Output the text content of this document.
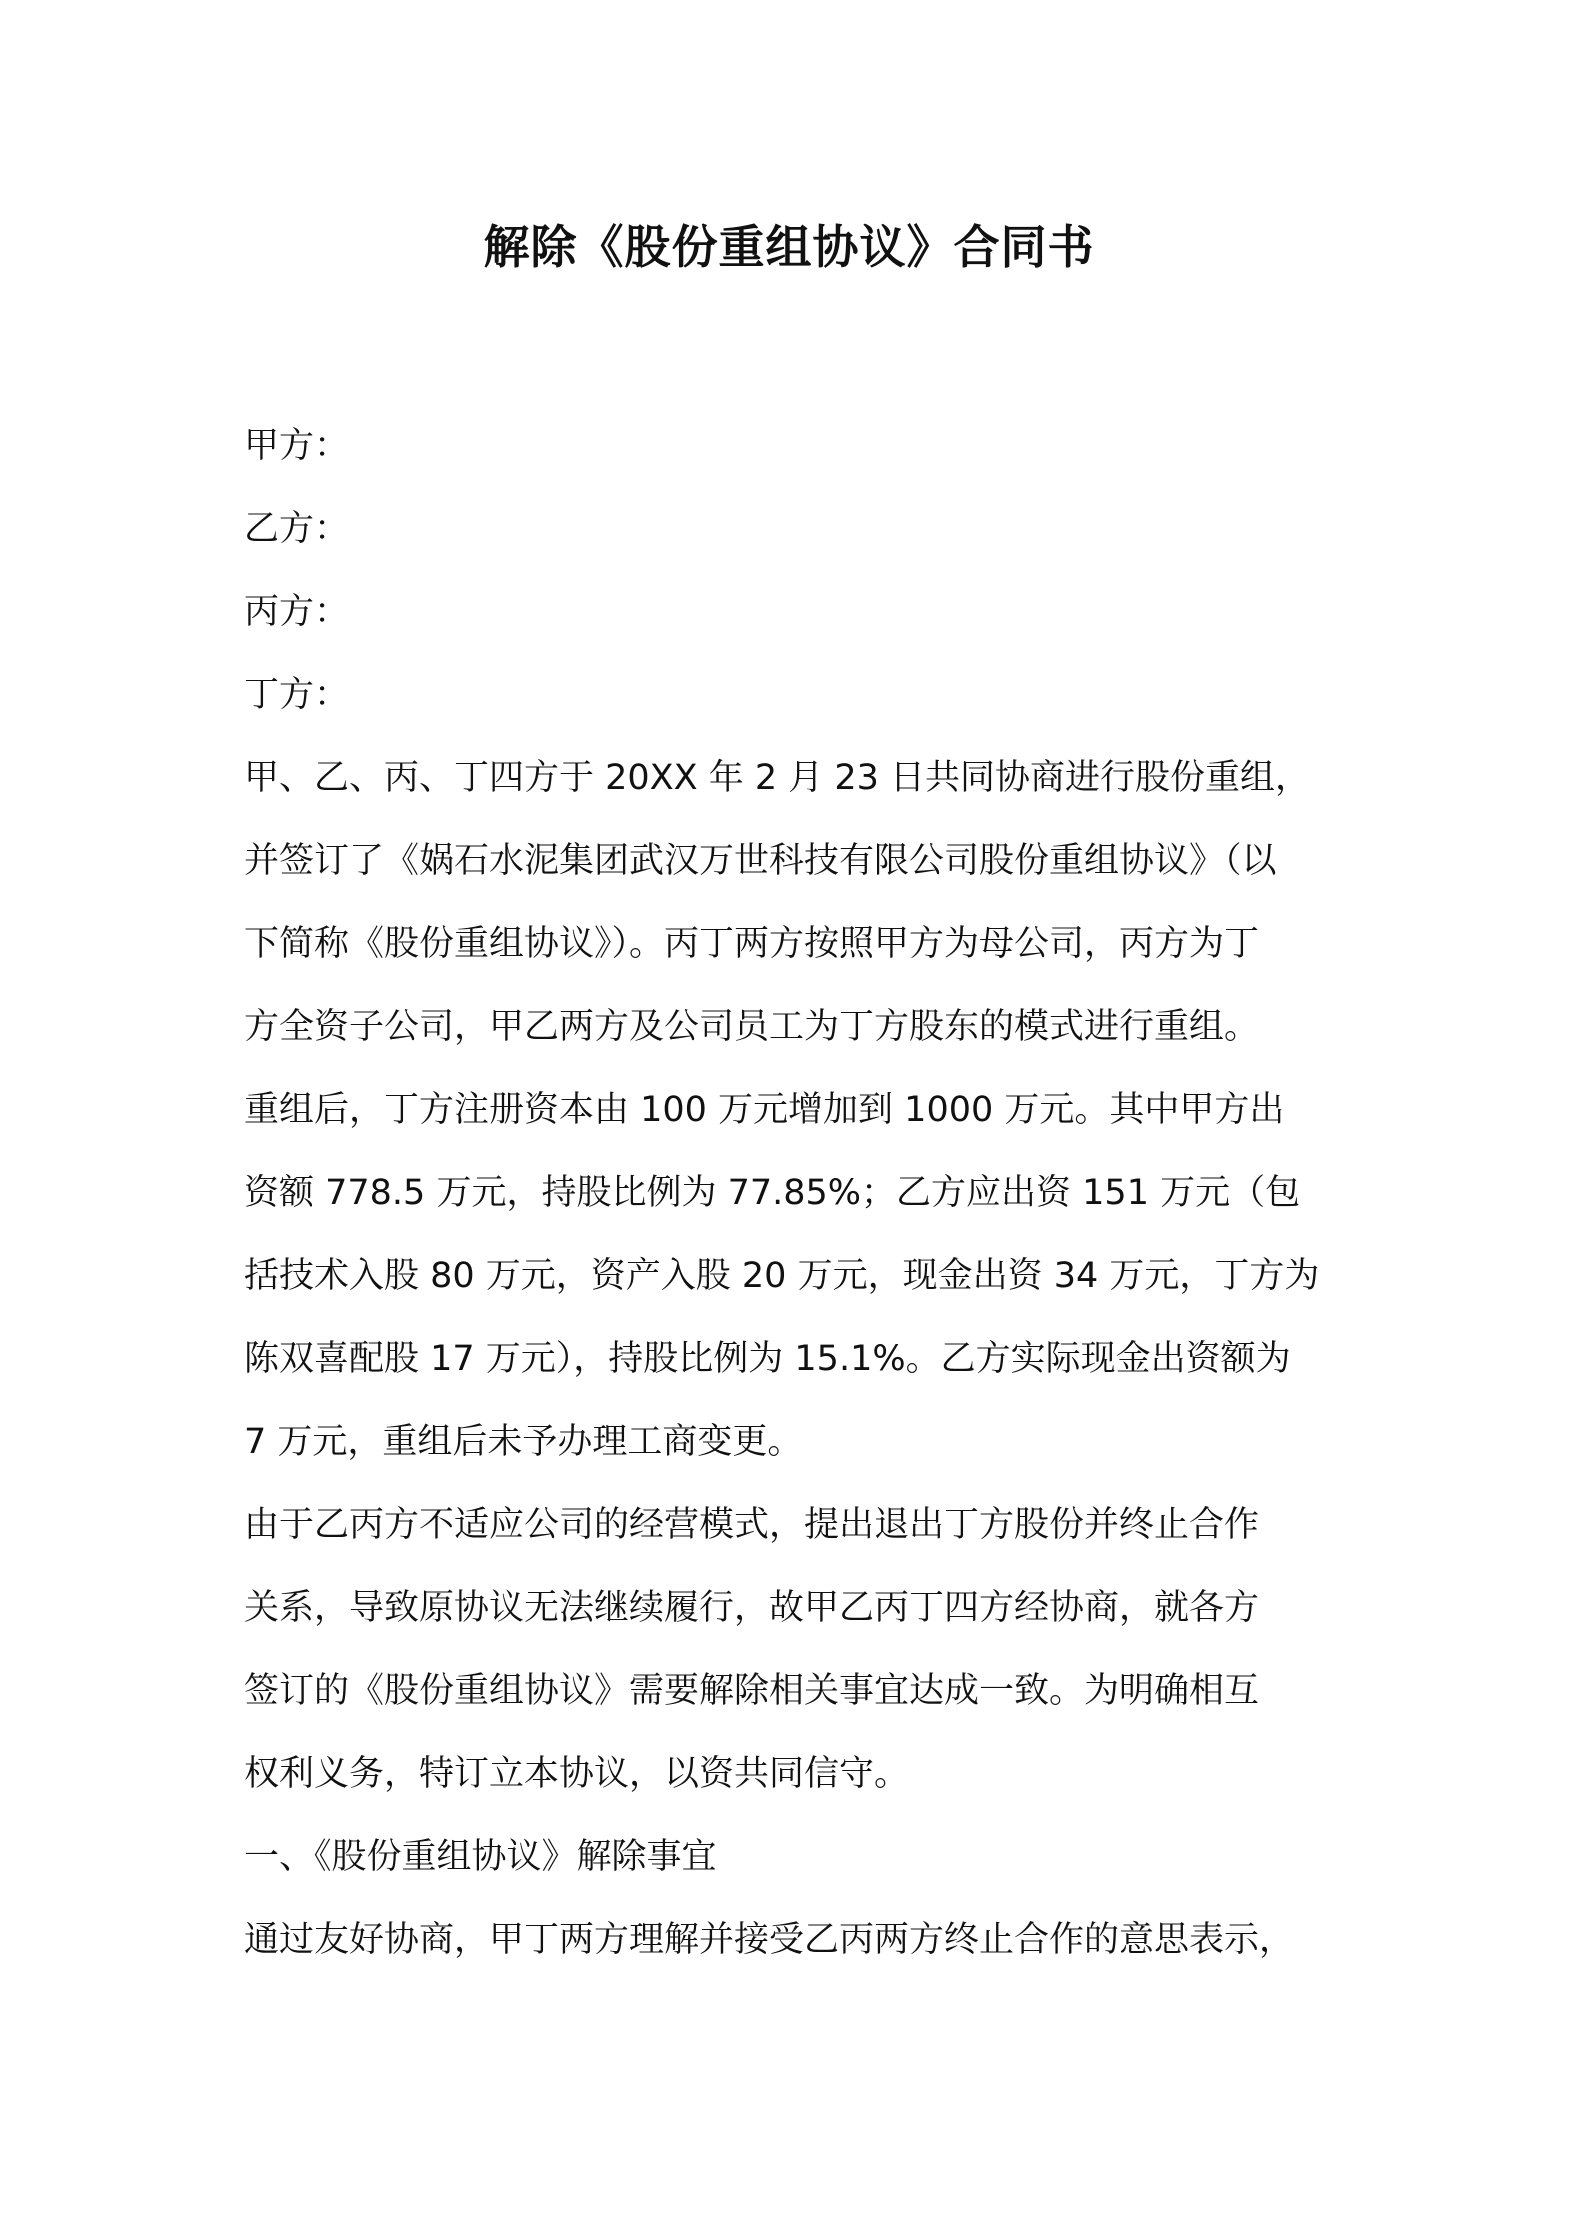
解除《股份重组协议》合同书
甲方：
乙方：
丙方：
丁方：
甲、乙、丙、丁四方于 20XX 年 2 月 23 日共同协商进行股份重组，
并签订了《娲石水泥集团武汉万世科技有限公司股份重组协议》（以
下简称《股份重组协议》）。丙丁两方按照甲方为母公司，丙方为丁
方全资子公司，甲乙两方及公司员工为丁方股东的模式进行重组。
重组后，丁方注册资本由 100 万元增加到 1000 万元。其中甲方出
资额 778.5 万元，持股比例为 77.85%；乙方应出资 151 万元（包
括技术入股 80 万元，资产入股 20 万元，现金出资 34 万元，丁方为
陈双喜配股 17 万元），持股比例为 15.1%。乙方实际现金出资额为
7 万元，重组后未予办理工商变更。
由于乙丙方不适应公司的经营模式，提出退出丁方股份并终止合作
关系，导致原协议无法继续履行，故甲乙丙丁四方经协商，就各方
签订的《股份重组协议》需要解除相关事宜达成一致。为明确相互
权利义务，特订立本协议，以资共同信守。
一、《股份重组协议》解除事宜
通过友好协商，甲丁两方理解并接受乙丙两方终止合作的意思表示，
